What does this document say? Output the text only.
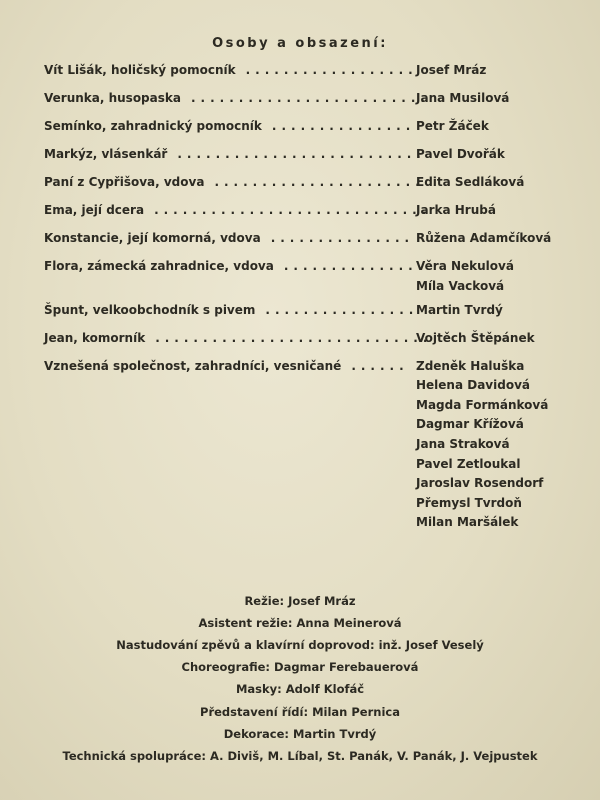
Osoby a obsazení:
Vít Lišák, holičský pomocník ..................
Josef Mráz
Verunka, husopaska .........................
Jana Musilová
Semínko, zahradnický pomocník ............... Petr Žáček
Markýz, vlásenkář ..........................
Pavel Dvořák
Paní z Cypřišova, vdova ......................
Edita Sedláková
Ema, její dcera .............................
Jarka Hrubá
Konstancie, její komorná, vdova ............... Růžena Adamčíková
Flora, zámecká zahradnice, vdova ..............
Věra Nekulová
Míla Vacková
Špunt, velkoobchodník s pivem ................
Martin Tvrdý
Jean, komorník .............................
Vojtěch Štěpánek
Vznešená společnost, zahradníci, vesničané ...... Zdeněk Haluška
Helena Davidová
Magda Formánková
Dagmar Křížová
Jana Straková
Pavel Zetloukal
Jaroslav Rosendorf
Přemysl Tvrdoň
Milan Maršálek
Režie: Josef Mráz
Asistent režie: Anna Meinerová
Nastudování zpěvů a klavírní doprovod: inž. Josef Veselý
Choreografie: Dagmar Ferebauerová
Masky: Adolf Klofáč
Představení řídí: Milan Pernica
Dekorace: Martin Tvrdý
Technická spolupráce: A. Diviš, M. Líbal, St. Panák, V. Panák, J. Vejpustek
